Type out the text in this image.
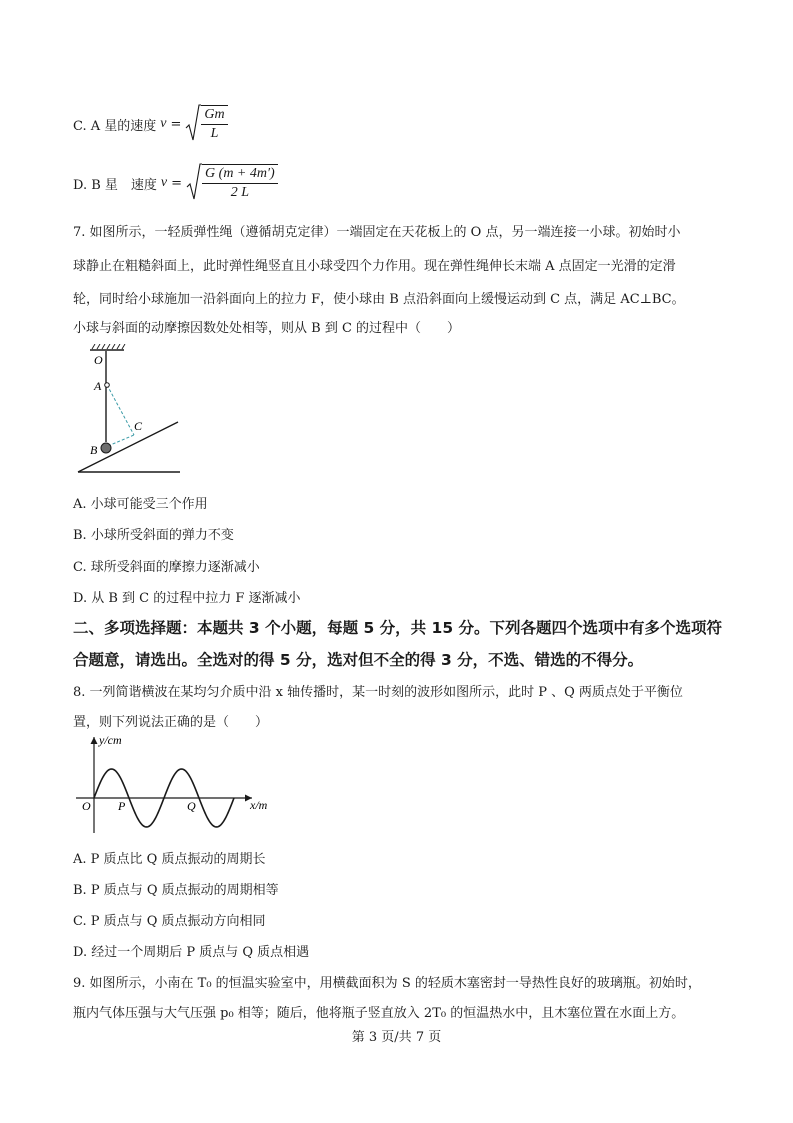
C. A 星的速度 $v = \frac{Gm}{L}$
D. B 星　速度 $v = \frac{G (m + 4m')}{2 L}$
7. 如图所示，一轻质弹性绳（遵循胡克定律）一端固定在天花板上的 O 点，另一端连接一小球。初始时小
球静止在粗糙斜面上，此时弹性绳竖直且小球受四个力作用。现在弹性绳伸长末端 A 点固定一光滑的定滑
轮，同时给小球施加一沿斜面向上的拉力 F，使小球由 B 点沿斜面向上缓慢运动到 C 点，满足 AC⊥BC。
小球与斜面的动摩擦因数处处相等，则从 B 到 C 的过程中（　　）
O
A
B
C
A. 小球可能受三个作用
B. 小球所受斜面的弹力不变
C. 球所受斜面的摩擦力逐渐减小
D. 从 B 到 C 的过程中拉力 F 逐渐减小
二、多项选择题：本题共 3 个小题，每题 5 分，共 15 分。下列各题四个选项中有多个选项符
合题意，请选出。全选对的得 5 分，选对但不全的得 3 分，不选、错选的不得分。
8. 一列简谐横波在某均匀介质中沿 x 轴传播时，某一时刻的波形如图所示，此时 P 、Q 两质点处于平衡位
置，则下列说法正确的是（　　）
y/cm
x/m
O P	Q
A. P 质点比 Q 质点振动的周期长
B. P 质点与 Q 质点振动的周期相等
C. P 质点与 Q 质点振动方向相同
D. 经过一个周期后 P 质点与 Q 质点相遇
9. 如图所示，小南在 T₀ 的恒温实验室中，用横截面积为 S 的轻质木塞密封一导热性良好的玻璃瓶。初始时，
瓶内气体压强与大气压强 p₀ 相等；随后，他将瓶子竖直放入 2T₀ 的恒温热水中，且木塞位置在水面上方。
第 3 页/共 7 页
